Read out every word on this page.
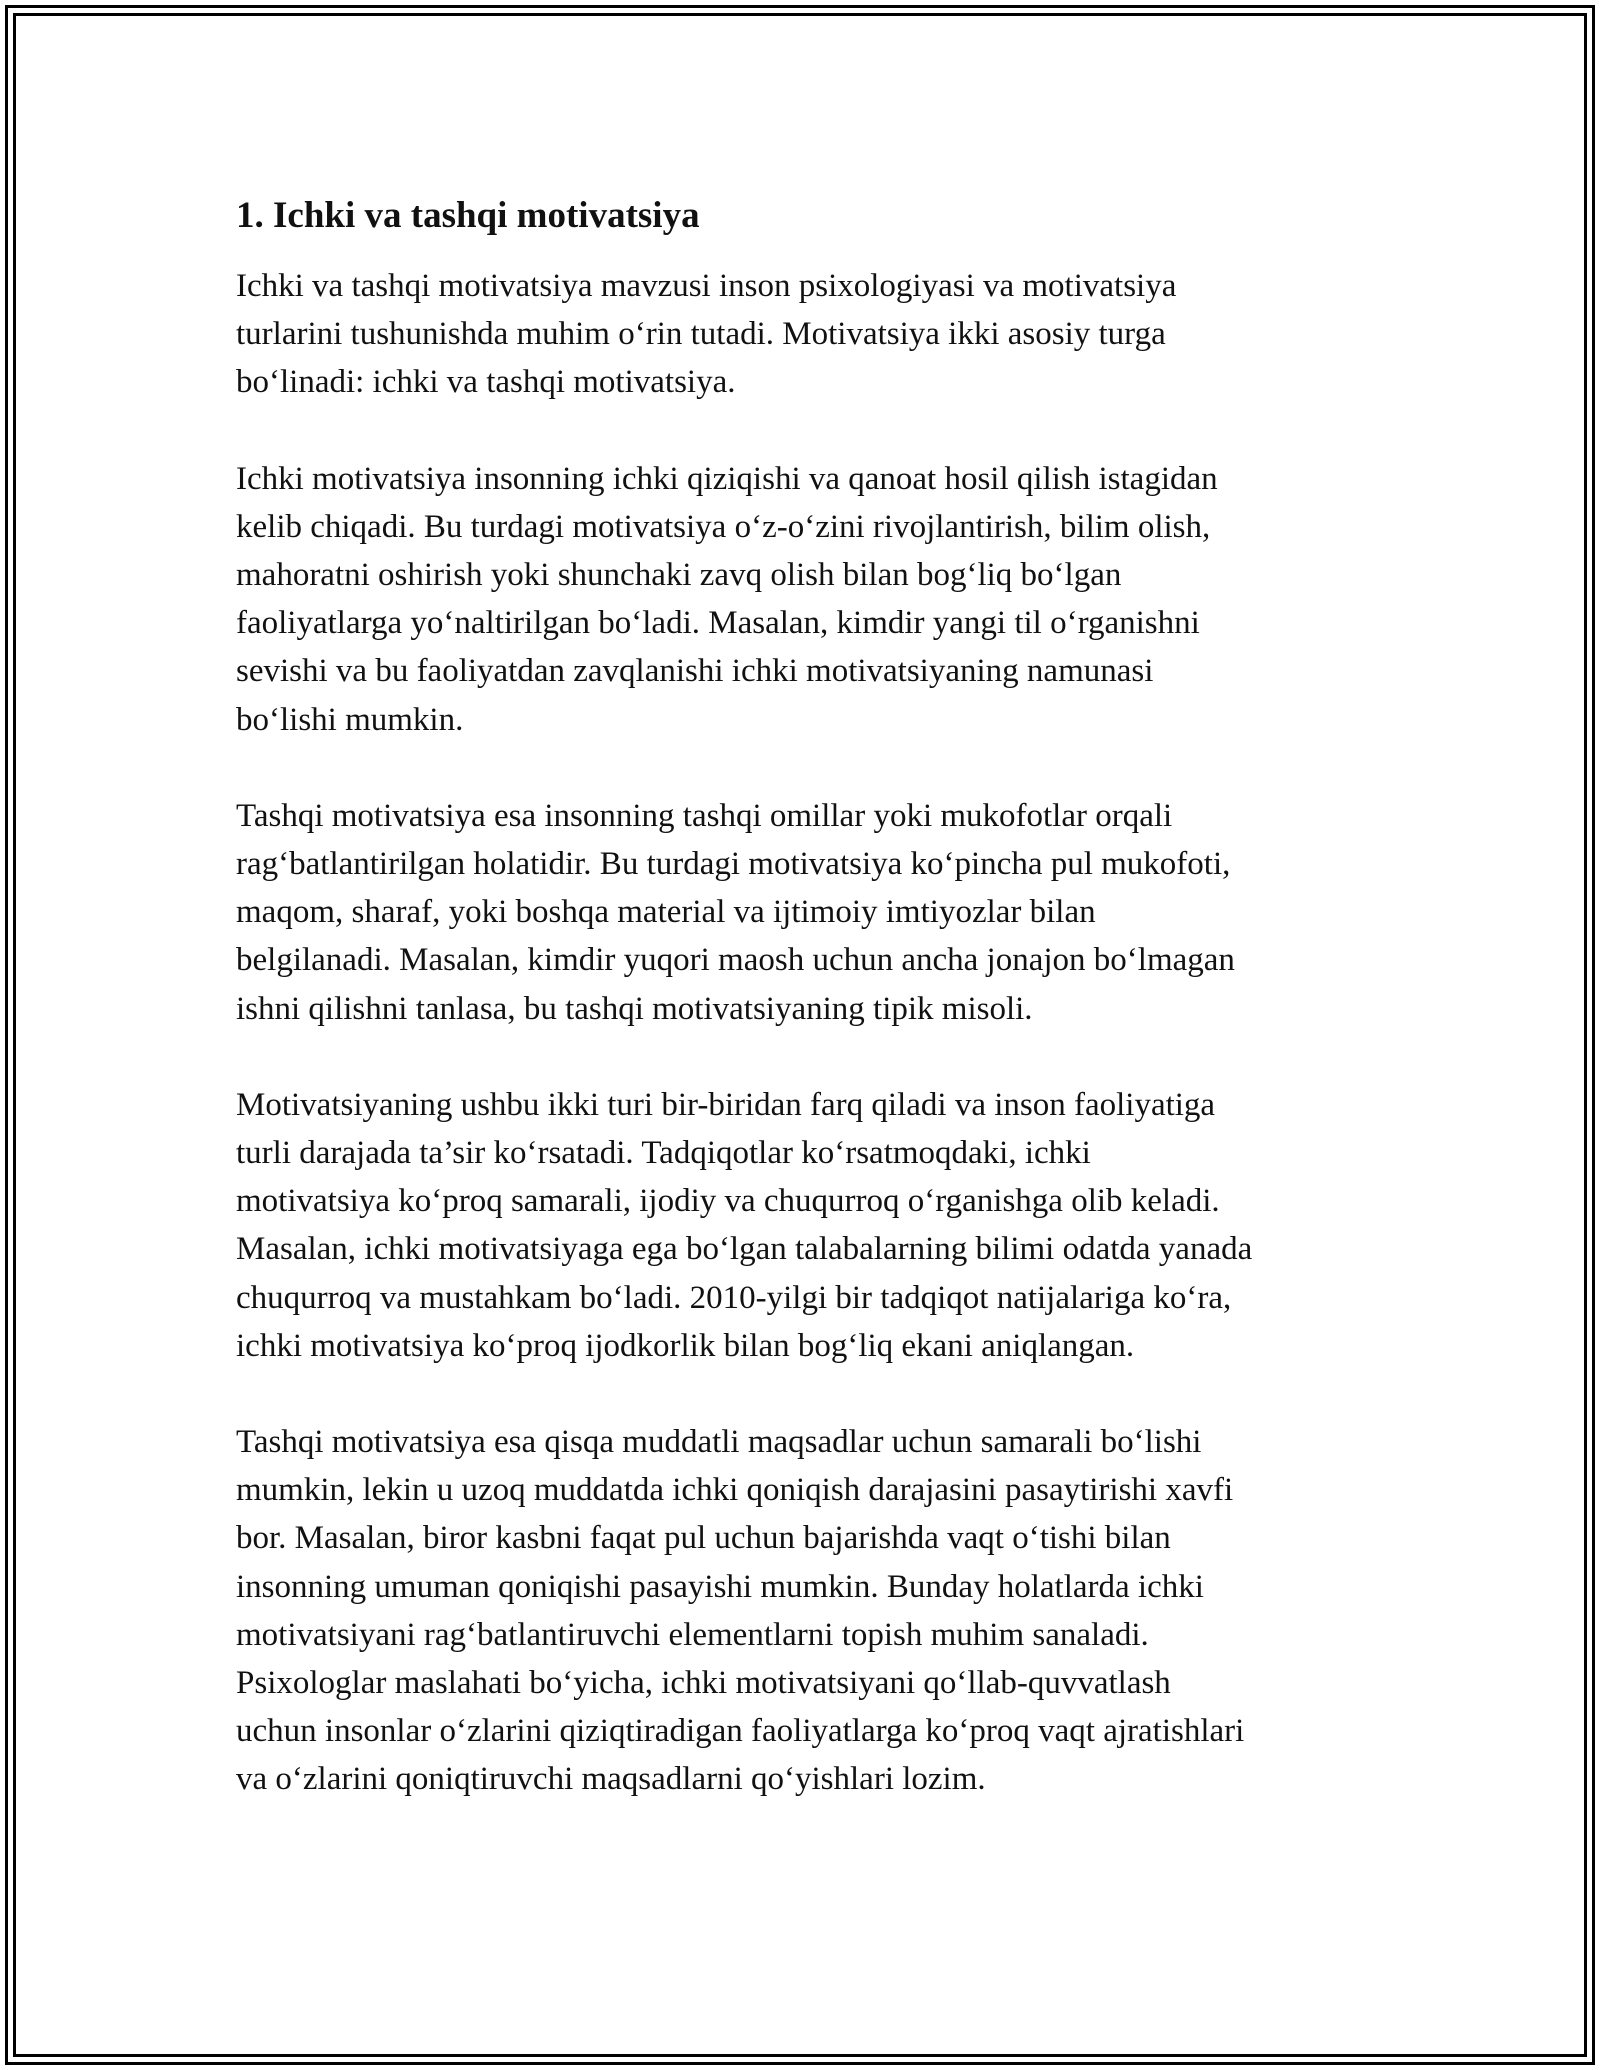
1. Ichki va tashqi motivatsiya

Ichki va tashqi motivatsiya mavzusi inson psixologiyasi va motivatsiya
turlarini tushunishda muhim o‘rin tutadi. Motivatsiya ikki asosiy turga
bo‘linadi: ichki va tashqi motivatsiya.

Ichki motivatsiya insonning ichki qiziqishi va qanoat hosil qilish istagidan
kelib chiqadi. Bu turdagi motivatsiya o‘z-o‘zini rivojlantirish, bilim olish,
mahoratni oshirish yoki shunchaki zavq olish bilan bog‘liq bo‘lgan
faoliyatlarga yo‘naltirilgan bo‘ladi. Masalan, kimdir yangi til o‘rganishni
sevishi va bu faoliyatdan zavqlanishi ichki motivatsiyaning namunasi
bo‘lishi mumkin.

Tashqi motivatsiya esa insonning tashqi omillar yoki mukofotlar orqali
rag‘batlantirilgan holatidir. Bu turdagi motivatsiya ko‘pincha pul mukofoti,
maqom, sharaf, yoki boshqa material va ijtimoiy imtiyozlar bilan
belgilanadi. Masalan, kimdir yuqori maosh uchun ancha jonajon bo‘lmagan
ishni qilishni tanlasa, bu tashqi motivatsiyaning tipik misoli.

Motivatsiyaning ushbu ikki turi bir-biridan farq qiladi va inson faoliyatiga
turli darajada ta’sir ko‘rsatadi. Tadqiqotlar ko‘rsatmoqdaki, ichki
motivatsiya ko‘proq samarali, ijodiy va chuqurroq o‘rganishga olib keladi.
Masalan, ichki motivatsiyaga ega bo‘lgan talabalarning bilimi odatda yanada
chuqurroq va mustahkam bo‘ladi. 2010-yilgi bir tadqiqot natijalariga ko‘ra,
ichki motivatsiya ko‘proq ijodkorlik bilan bog‘liq ekani aniqlangan.

Tashqi motivatsiya esa qisqa muddatli maqsadlar uchun samarali bo‘lishi
mumkin, lekin u uzoq muddatda ichki qoniqish darajasini pasaytirishi xavfi
bor. Masalan, biror kasbni faqat pul uchun bajarishda vaqt o‘tishi bilan
insonning umuman qoniqishi pasayishi mumkin. Bunday holatlarda ichki
motivatsiyani rag‘batlantiruvchi elementlarni topish muhim sanaladi.
Psixologlar maslahati bo‘yicha, ichki motivatsiyani qo‘llab-quvvatlash
uchun insonlar o‘zlarini qiziqtiradigan faoliyatlarga ko‘proq vaqt ajratishlari
va o‘zlarini qoniqtiruvchi maqsadlarni qo‘yishlari lozim.
